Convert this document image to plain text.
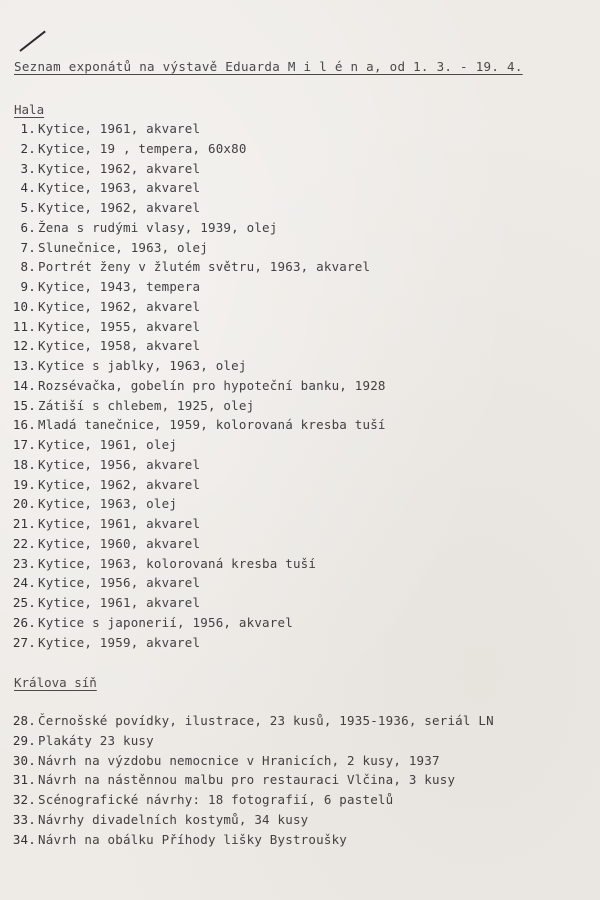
Seznam exponátů na výstavě Eduarda M i l é n a, od 1. 3. - 19. 4.
Hala
1. Kytice, 1961, akvarel
2. Kytice, 19 , tempera, 60x80
3. Kytice, 1962, akvarel
4. Kytice, 1963, akvarel
5. Kytice, 1962, akvarel
6. Žena s rudými vlasy, 1939, olej
7. Slunečnice, 1963, olej
8. Portrét ženy v žlutém světru, 1963, akvarel
9. Kytice, 1943, tempera
10. Kytice, 1962, akvarel
11. Kytice, 1955, akvarel
12. Kytice, 1958, akvarel
13. Kytice s jablky, 1963, olej
14. Rozsévačka, gobelín pro hypoteční banku, 1928
15. Zátiší s chlebem, 1925, olej
16. Mladá tanečnice, 1959, kolorovaná kresba tuší
17. Kytice, 1961, olej
18. Kytice, 1956, akvarel
19. Kytice, 1962, akvarel
20. Kytice, 1963, olej
21. Kytice, 1961, akvarel
22. Kytice, 1960, akvarel
23. Kytice, 1963, kolorovaná kresba tuší
24. Kytice, 1956, akvarel
25. Kytice, 1961, akvarel
26. Kytice s japonerií, 1956, akvarel
27. Kytice, 1959, akvarel
Králova síň
28. Černošské povídky, ilustrace, 23 kusů, 1935-1936, seriál LN
29. Plakáty 23 kusy
30. Návrh na výzdobu nemocnice v Hranicích, 2 kusy, 1937
31. Návrh na nástěnnou malbu pro restauraci Vlčina, 3 kusy
32. Scénografické návrhy: 18 fotografií, 6 pastelů
33. Návrhy divadelních kostymů, 34 kusy
34. Návrh na obálku Příhody lišky Bystroušky
